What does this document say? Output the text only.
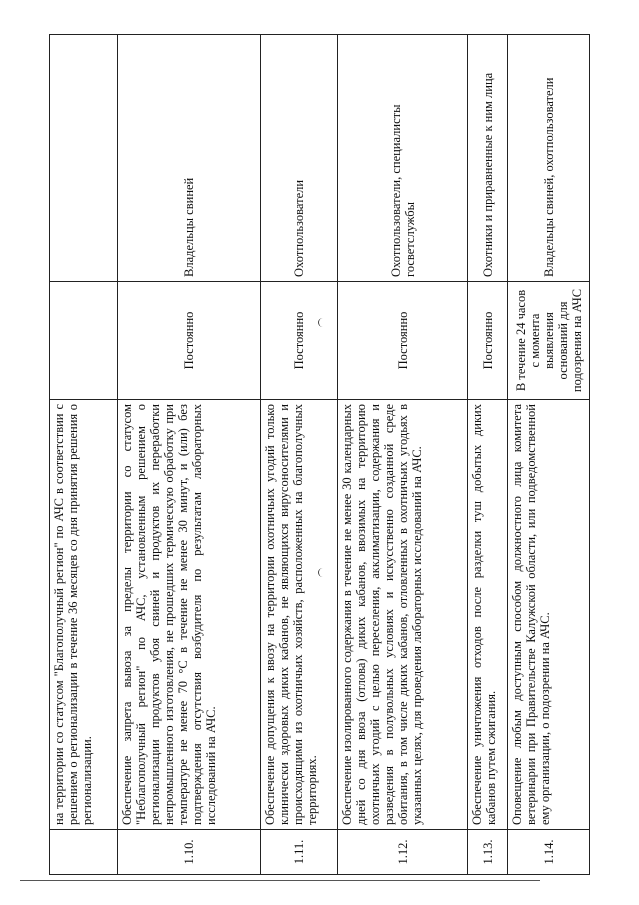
	на территории со статусом "Благополучный регион" по АЧС в соответствии с решением о регионализации в течение 36 месяцев со дня принятия решения о регионализации.		
1.10.	Обеспечение запрета вывоза за пределы территории со статусом "Неблагополучный регион" по АЧС, установленным решением о регионализации продуктов убоя свиней и продуктов их переработки непромышленного изготовления, не прошедших термическую обработку при температуре не менее 70 °С в течение не менее 30 минут, и (или) без подтверждения отсутствия возбудителя по результатам лабораторных исследований на АЧС.	Постоянно	Владельцы свиней
1.11.	Обеспечение допущения к ввозу на территории охотничьих угодий только клинически здоровых диких кабанов, не являющихся вирусоносителями и происходящими из охотничьих хозяйств, расположенных на благополучных территориях.	Постоянно	Охотпользователи
1.12.	Обеспечение изолированного содержания в течение не менее 30 календарных дней со дня ввоза (отлова) диких кабанов, ввозимых на территорию охотничьих угодий с целью переселения, акклиматизации, содержания и разведения в полувольных условиях и искусственно созданной среде обитания, в том числе диких кабанов, отловленных в охотничьих угодьях в указанных целях, для проведения лабораторных исследований на АЧС.	Постоянно	Охотпользователи, специалисты госветслужбы
1.13.	Обеспечение уничтожения отходов после разделки туш добытых диких кабанов путем сжигания.	Постоянно	Охотники и приравненные к ним лица
1.14.	Оповещение любым доступным способом должностного лица комитета ветеринарии при Правительстве Калужской области, или подведомственной ему организации, о подозрении на АЧС.	В течение 24 часов с момента выявления оснований для подозрения на АЧС	Владельцы свиней, охотпользователи
